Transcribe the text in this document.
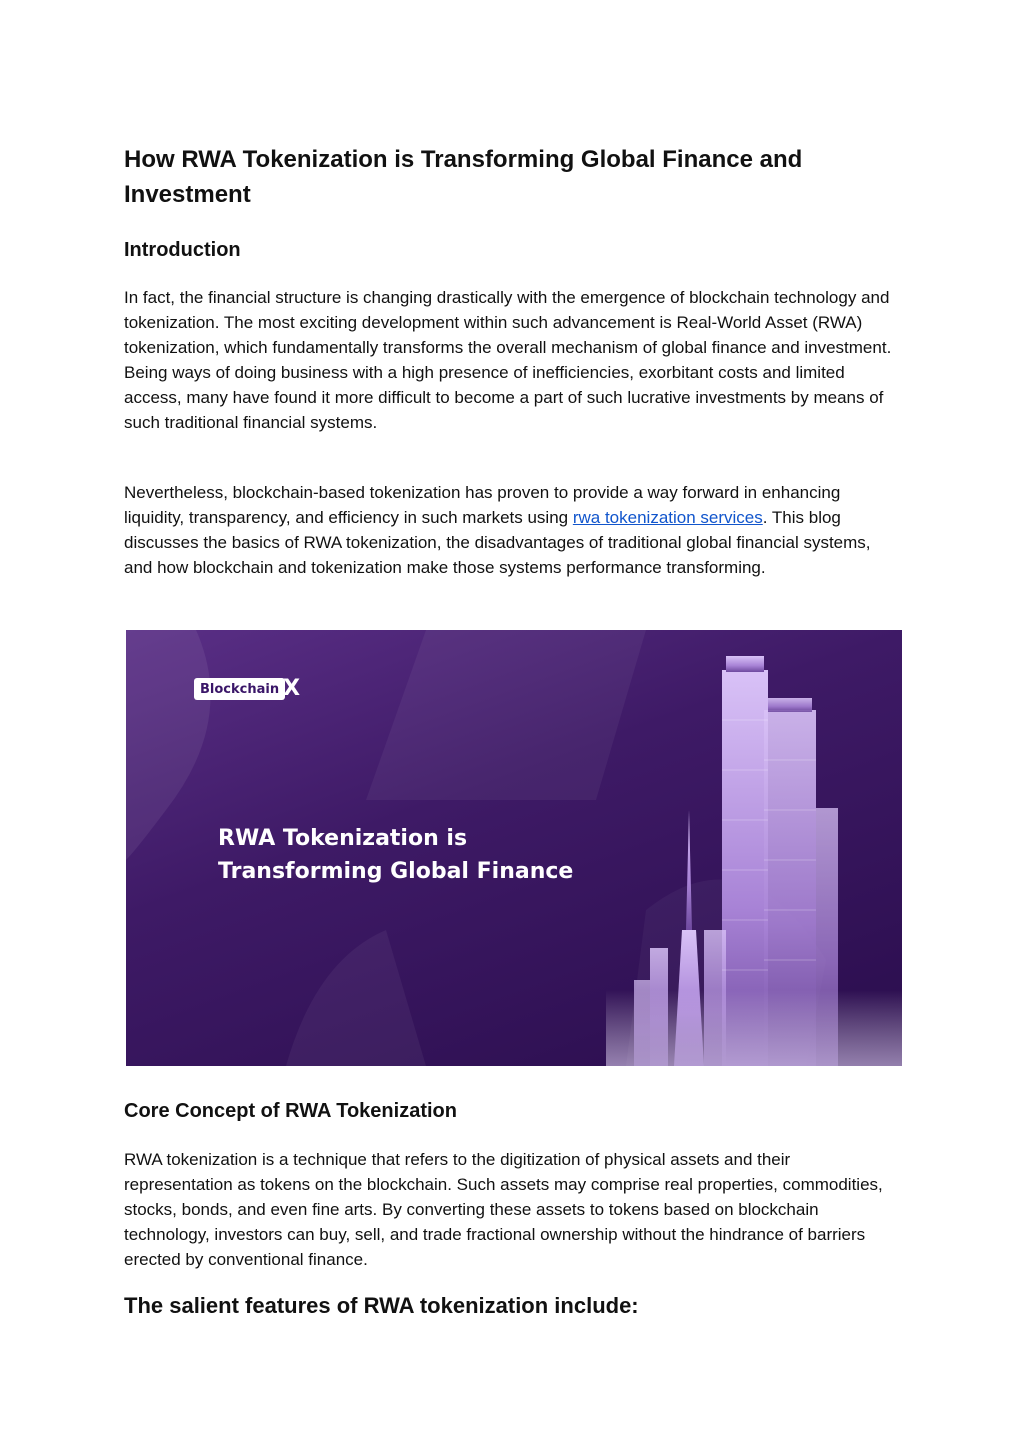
How RWA Tokenization is Transforming Global Finance and Investment
Introduction

In fact, the financial structure is changing drastically with the emergence of blockchain technology and tokenization. The most exciting development within such advancement is Real-World Asset (RWA) tokenization, which fundamentally transforms the overall mechanism of global finance and investment. Being ways of doing business with a high presence of inefficiencies, exorbitant costs and limited access, many have found it more difficult to become a part of such lucrative investments by means of such traditional financial systems.

Nevertheless, blockchain-based tokenization has proven to provide a way forward in enhancing liquidity, transparency, and efficiency in such markets using rwa tokenization services. This blog discusses the basics of RWA tokenization, the disadvantages of traditional global financial systems, and how blockchain and tokenization make those systems performance transforming.

Blockchain X
RWA Tokenization is
Transforming Global Finance
Core Concept of RWA Tokenization

RWA tokenization is a technique that refers to the digitization of physical assets and their representation as tokens on the blockchain. Such assets may comprise real properties, commodities, stocks, bonds, and even fine arts. By converting these assets to tokens based on blockchain technology, investors can buy, sell, and trade fractional ownership without the hindrance of barriers erected by conventional finance.

The salient features of RWA tokenization include:
